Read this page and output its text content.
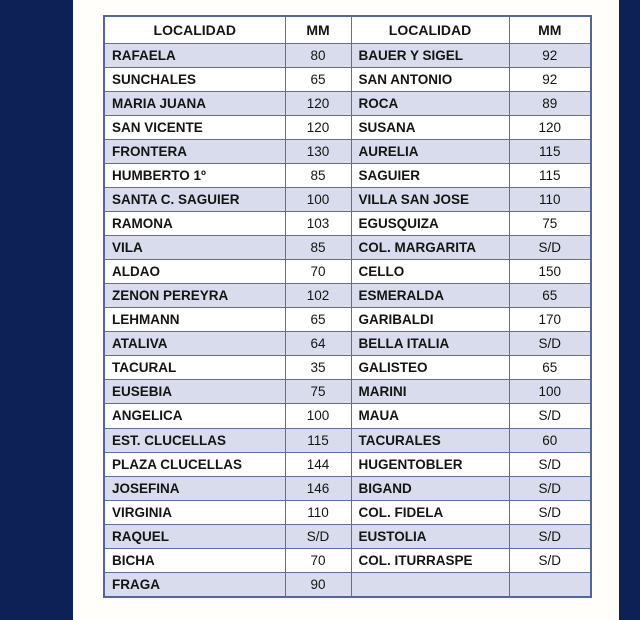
LOCALIDAD	MM	LOCALIDAD	MM
RAFAELA	80	BAUER Y SIGEL	92
SUNCHALES	65	SAN ANTONIO	92
MARIA JUANA	120	ROCA	89
SAN VICENTE	120	SUSANA	120
FRONTERA	130	AURELIA	115
HUMBERTO 1º	85	SAGUIER	115
SANTA C. SAGUIER	100	VILLA SAN JOSE	110
RAMONA	103	EGUSQUIZA	75
VILA	85	COL. MARGARITA	S/D
ALDAO	70	CELLO	150
ZENON PEREYRA	102	ESMERALDA	65
LEHMANN	65	GARIBALDI	170
ATALIVA	64	BELLA ITALIA	S/D
TACURAL	35	GALISTEO	65
EUSEBIA	75	MARINI	100
ANGELICA	100	MAUA	S/D
EST. CLUCELLAS	115	TACURALES	60
PLAZA CLUCELLAS	144	HUGENTOBLER	S/D
JOSEFINA	146	BIGAND	S/D
VIRGINIA	110	COL. FIDELA	S/D
RAQUEL	S/D	EUSTOLIA	S/D
BICHA	70	COL. ITURRASPE	S/D
FRAGA	90		
